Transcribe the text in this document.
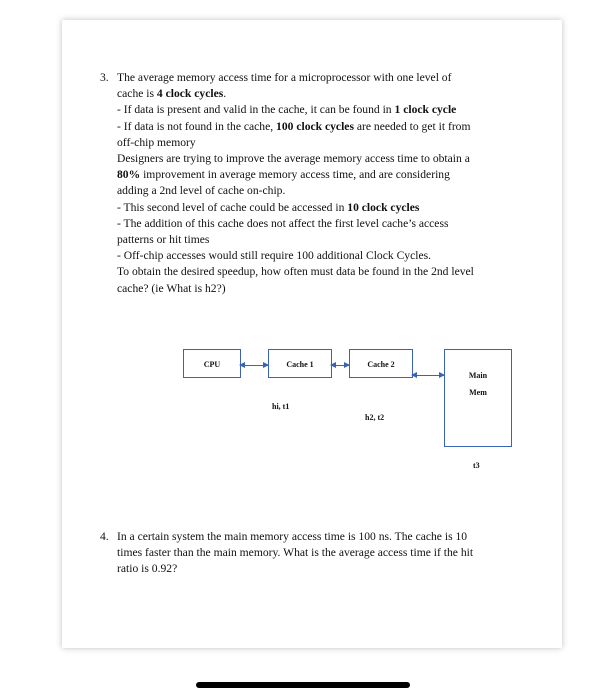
3. The average memory access time for a microprocessor with one level of
cache is 4 clock cycles.
- If data is present and valid in the cache, it can be found in 1 clock cycle
- If data is not found in the cache, 100 clock cycles are needed to get it from
off-chip memory
Designers are trying to improve the average memory access time to obtain a
80% improvement in average memory access time, and are considering
adding a 2nd level of cache on-chip.
- This second level of cache could be accessed in 10 clock cycles
- The addition of this cache does not affect the first level cache’s access
patterns or hit times
- Off-chip accesses would still require 100 additional Clock Cycles.
To obtain the desired speedup, how often must data be found in the 2nd level
cache? (ie What is h2?)
CPU	Cache 1	Cache 2
Main
Mem
hi, t1
h2, t2
t3
4. In a certain system the main memory access time is 100 ns. The cache is 10
times faster than the main memory. What is the average access time if the hit
ratio is 0.92?
